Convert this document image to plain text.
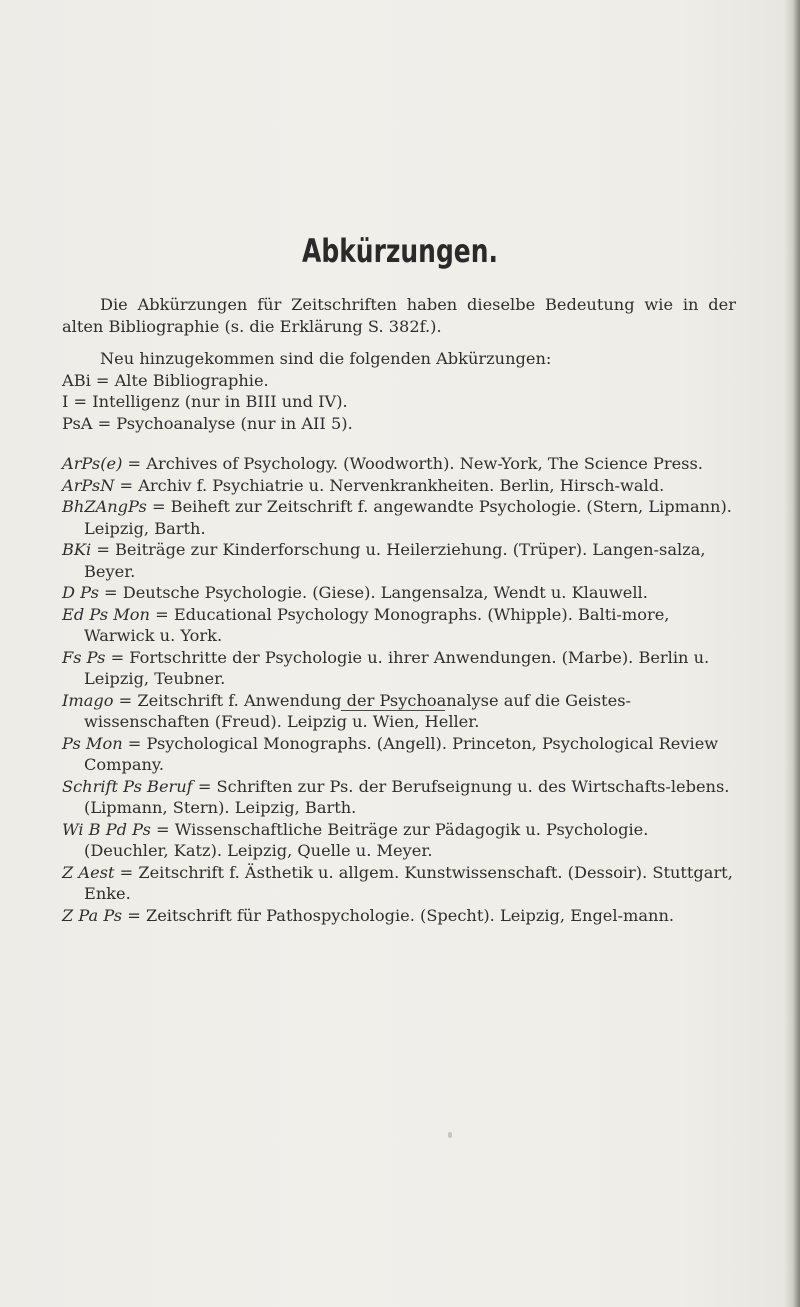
Abkürzungen.

Die Abkürzungen für Zeitschriften haben dieselbe Bedeutung wie in der alten Bibliographie (s. die Erklärung S. 382f.).

Neu hinzugekommen sind die folgenden Abkürzungen:

ABi = Alte Bibliographie.

I = Intelligenz (nur in BIII und IV).

PsA = Psychoanalyse (nur in AII 5).

ArPs(e) = Archives of Psychology. (Woodworth). New-York, The Science Press.

ArPsN = Archiv f. Psychiatrie u. Nervenkrankheiten. Berlin, Hirsch-wald.

BhZAngPs = Beiheft zur Zeitschrift f. angewandte Psychologie. (Stern, Lipmann). Leipzig, Barth.

BKi = Beiträge zur Kinderforschung u. Heilerziehung. (Trüper). Langen-salza, Beyer.

D Ps = Deutsche Psychologie. (Giese). Langensalza, Wendt u. Klauwell.

Ed Ps Mon = Educational Psychology Monographs. (Whipple). Balti-more, Warwick u. York.

Fs Ps = Fortschritte der Psychologie u. ihrer Anwendungen. (Marbe). Berlin u. Leipzig, Teubner.

Imago = Zeitschrift f. Anwendung der Psychoanalyse auf die Geistes-wissenschaften (Freud). Leipzig u. Wien, Heller.

Ps Mon = Psychological Monographs. (Angell). Princeton, Psychological Review Company.

Schrift Ps Beruf = Schriften zur Ps. der Berufseignung u. des Wirtschafts-lebens. (Lipmann, Stern). Leipzig, Barth.

Wi B Pd Ps = Wissenschaftliche Beiträge zur Pädagogik u. Psychologie. (Deuchler, Katz). Leipzig, Quelle u. Meyer.

Z Aest = Zeitschrift f. Ästhetik u. allgem. Kunstwissenschaft. (Dessoir). Stuttgart, Enke.

Z Pa Ps = Zeitschrift für Pathospychologie. (Specht). Leipzig, Engel-mann.
